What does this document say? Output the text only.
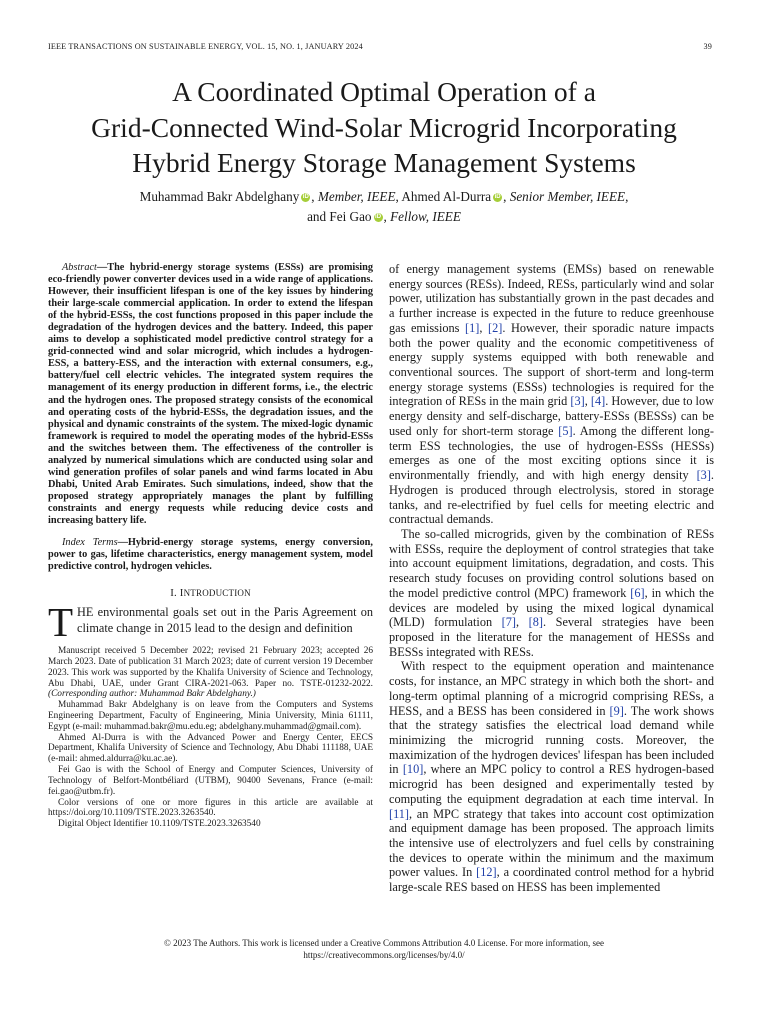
IEEE TRANSACTIONS ON SUSTAINABLE ENERGY, VOL. 15, NO. 1, JANUARY 2024	39
A Coordinated Optimal Operation of a
Grid-Connected Wind-Solar Microgrid Incorporating
Hybrid Energy Storage Management Systems
Muhammad Bakr Abdelghany iD , Member, IEEE, Ahmed Al-Durra iD , Senior Member, IEEE,
and Fei Gao iD , Fellow, IEEE

Abstract—The hybrid-energy storage systems (ESSs) are promising eco-friendly power converter devices used in a wide range of applications. However, their insufficient lifespan is one of the key issues by hindering their large-scale commercial application. In order to extend the lifespan of the hybrid-ESSs, the cost functions proposed in this paper include the degradation of the hydrogen devices and the battery. Indeed, this paper aims to develop a sophisticated model predictive control strategy for a grid-connected wind and solar microgrid, which includes a hydrogen-ESS, a battery-ESS, and the interaction with external consumers, e.g., battery/fuel cell electric vehicles. The integrated system requires the management of its energy production in different forms, i.e., the electric and the hydrogen ones. The proposed strategy consists of the economical and operating costs of the hybrid-ESSs, the degradation issues, and the physical and dynamic constraints of the system. The mixed-logic dynamic framework is required to model the operating modes of the hybrid-ESSs and the switches between them. The effectiveness of the controller is analyzed by numerical simulations which are conducted using solar and wind generation profiles of solar panels and wind farms located in Abu Dhabi, United Arab Emirates. Such simulations, indeed, show that the proposed strategy appropriately manages the plant by fulfilling constraints and energy requests while reducing device costs and increasing battery life.

Index Terms—Hybrid-energy storage systems, energy conversion, power to gas, lifetime characteristics, energy management system, model predictive control, hydrogen vehicles.

I. INTRODUCTION

THE environmental goals set out in the Paris Agreement on climate change in 2015 lead to the design and definition

Manuscript received 5 December 2022; revised 21 February 2023; accepted 26 March 2023. Date of publication 31 March 2023; date of current version 19 December 2023. This work was supported by the Khalifa University of Science and Technology, Abu Dhabi, UAE, under Grant CIRA-2021-063. Paper no. TSTE-01232-2022. (Corresponding author: Muhammad Bakr Abdelghany.)

Muhammad Bakr Abdelghany is on leave from the Computers and Systems Engineering Department, Faculty of Engineering, Minia University, Minia 61111, Egypt (e-mail: muhammad.bakr@mu.edu.eg; abdelghany.muhammad@gmail.com).

Ahmed Al-Durra is with the Advanced Power and Energy Center, EECS Department, Khalifa University of Science and Technology, Abu Dhabi 111188, UAE (e-mail: ahmed.aldurra@ku.ac.ae).

Fei Gao is with the School of Energy and Computer Sciences, University of Technology of Belfort-Montbéliard (UTBM), 90400 Sevenans, France (e-mail: fei.gao@utbm.fr).

Color versions of one or more figures in this article are available at https://doi.org/10.1109/TSTE.2023.3263540.

Digital Object Identifier 10.1109/TSTE.2023.3263540

of energy management systems (EMSs) based on renewable energy sources (RESs). Indeed, RESs, particularly wind and solar power, utilization has substantially grown in the past decades and a further increase is expected in the future to reduce greenhouse gas emissions [1], [2]. However, their sporadic nature impacts both the power quality and the economic competitiveness of energy supply systems equipped with both renewable and conventional sources. The support of short-term and long-term energy storage systems (ESSs) technologies is required for the integration of RESs in the main grid [3], [4]. However, due to low energy density and self-discharge, battery-ESSs (BESSs) can be used only for short-term storage [5]. Among the different long-term ESS technologies, the use of hydrogen-ESSs (HESSs) emerges as one of the most exciting options since it is environmentally friendly, and with high energy density [3]. Hydrogen is produced through electrolysis, stored in storage tanks, and re-electrified by fuel cells for meeting electric and contractual demands.

The so-called microgrids, given by the combination of RESs with ESSs, require the deployment of control strategies that take into account equipment limitations, degradation, and costs. This research study focuses on providing control solutions based on the model predictive control (MPC) framework [6], in which the devices are modeled by using the mixed logical dynamical (MLD) formulation [7], [8]. Several strategies have been proposed in the literature for the management of HESSs and BESSs integrated with RESs.

With respect to the equipment operation and maintenance costs, for instance, an MPC strategy in which both the short- and long-term optimal planning of a microgrid comprising RESs, a HESS, and a BESS has been considered in [9]. The work shows that the strategy satisfies the electrical load demand while minimizing the microgrid running costs. Moreover, the maximization of the hydrogen devices' lifespan has been included in [10], where an MPC policy to control a RES hydrogen-based microgrid has been designed and experimentally tested by computing the equipment degradation at each time interval. In [11], an MPC strategy that takes into account cost optimization and equipment damage has been proposed. The approach limits the intensive use of electrolyzers and fuel cells by constraining the devices to operate within the minimum and the maximum power values. In [12], a coordinated control method for a hybrid large-scale RES based on HESS has been implemented

© 2023 The Authors. This work is licensed under a Creative Commons Attribution 4.0 License. For more information, see
https://creativecommons.org/licenses/by/4.0/
